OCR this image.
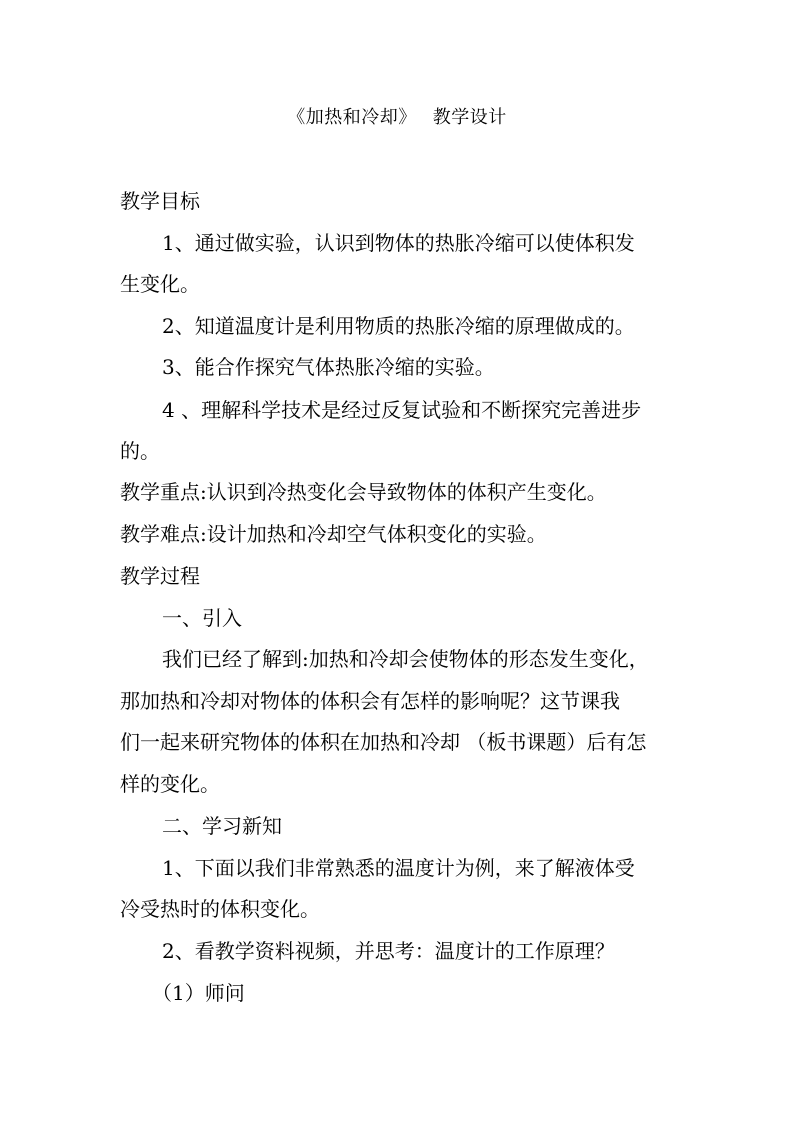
《加热和冷却》 教学设计
教学目标
1、通过做实验，认识到物体的热胀冷缩可以使体积发
生变化。
2、知道温度计是利用物质的热胀冷缩的原理做成的。
3、能合作探究气体热胀冷缩的实验。
4 、理解科学技术是经过反复试验和不断探究完善进步
的。
教学重点:认识到冷热变化会导致物体的体积产生变化。
教学难点:设计加热和冷却空气体积变化的实验。
教学过程
一、引入
我们已经了解到:加热和冷却会使物体的形态发生变化，
那加热和冷却对物体的体积会有怎样的影响呢？这节课我
们一起来研究物体的体积在加热和冷却 （板书课题）后有怎
样的变化。
二、学习新知
1、下面以我们非常熟悉的温度计为例，来了解液体受
冷受热时的体积变化。
2、看教学资料视频，并思考：温度计的工作原理？
（1）师问
